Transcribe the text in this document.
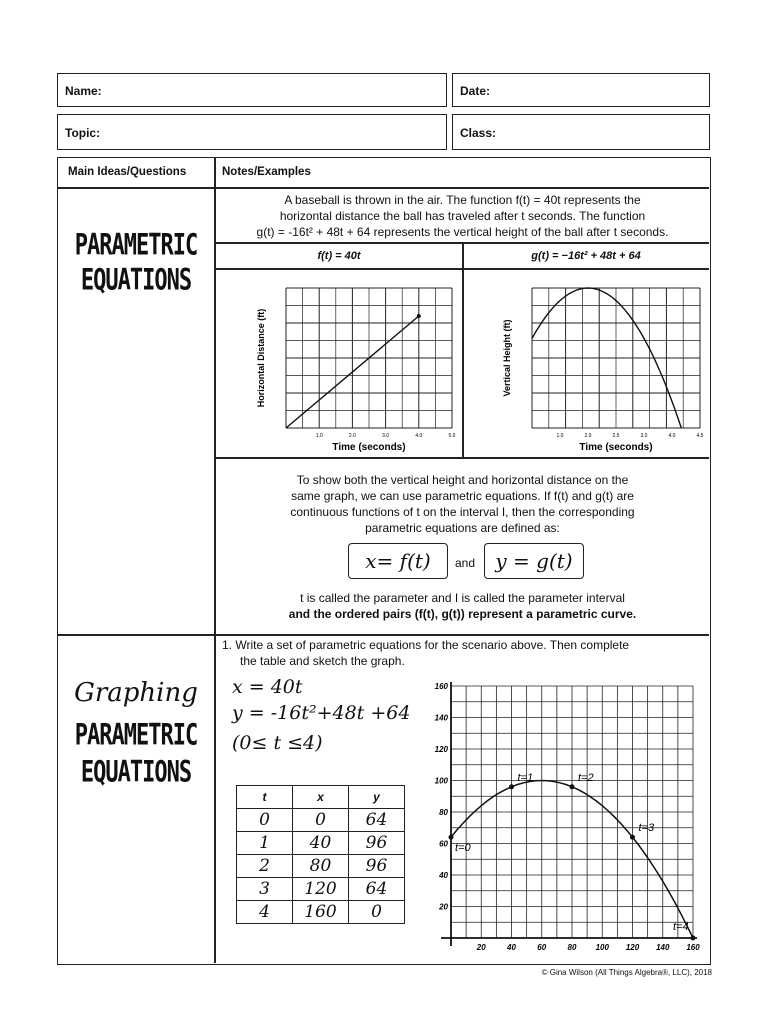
Name:	Date:
Topic:	Class:
Main Ideas/Questions	Notes/Examples
PARAMETRIC
EQUATIONS
A baseball is thrown in the air. The function f(t) = 40t represents the
horizontal distance the ball has traveled after t seconds. The function
g(t) = -16t² + 48t + 64 represents the vertical height of the ball after t seconds.
f(t) = 40t	g(t) = −16t² + 48t + 64
1.0	2.0	3.0	4.0	5.0
Time (seconds)
Horizontal Distance (ft)
1.0	2.0	2.5	3.0	4.0	4.5
Time (seconds)
Vertical Height (ft)
To show both the vertical height and horizontal distance on the
same graph, we can use parametric equations. If f(t) and g(t) are
continuous functions of t on the interval I, then the corresponding
parametric equations are defined as:
x= f(t)	and	y = g(t)
t is called the parameter and I is called the parameter interval
and the ordered pairs (f(t), g(t)) represent a parametric curve.
Graphing
PARAMETRIC
EQUATIONS
1. Write a set of parametric equations for the scenario above. Then complete
the table and sketch the graph.
x = 40t
y = -16t²+48t +64
(0≤ t ≤4)
t	x	y
0	0	64
1	40	96
2	80	96
3	120	64
4	160	0
20	40	60	80 100 120 140 160
20
40
60
80
100
120
140
160
t=0
t=1	t=2
t=3
t=4
© Gina Wilson (All Things Algebra®, LLC), 2018
